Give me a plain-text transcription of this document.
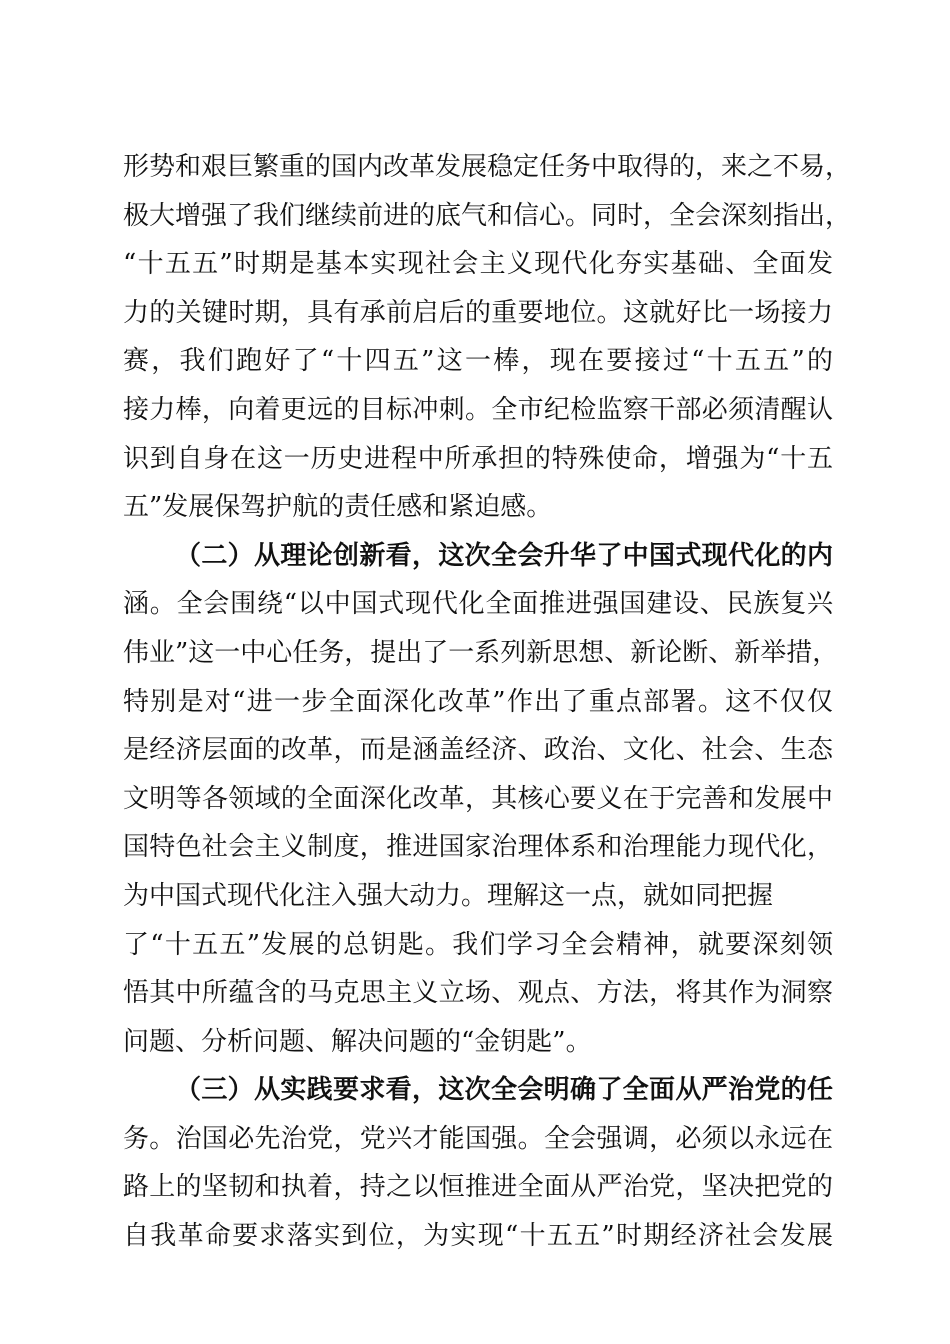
形势和艰巨繁重的国内改革发展稳定任务中取得的，来之不易，
极大增强了我们继续前进的底气和信心。同时，全会深刻指出，
“十五五”时期是基本实现社会主义现代化夯实基础、全面发
力的关键时期，具有承前启后的重要地位。这就好比一场接力
赛，我们跑好了“十四五”这一棒，现在要接过“十五五”的
接力棒，向着更远的目标冲刺。全市纪检监察干部必须清醒认
识到自身在这一历史进程中所承担的特殊使命，增强为“十五
五”发展保驾护航的责任感和紧迫感。
（二）从理论创新看，这次全会升华了中国式现代化的内
涵。全会围绕“以中国式现代化全面推进强国建设、民族复兴
伟业”这一中心任务，提出了一系列新思想、新论断、新举措，
特别是对“进一步全面深化改革”作出了重点部署。这不仅仅
是经济层面的改革，而是涵盖经济、政治、文化、社会、生态
文明等各领域的全面深化改革，其核心要义在于完善和发展中
国特色社会主义制度，推进国家治理体系和治理能力现代化，
为中国式现代化注入强大动力。理解这一点，就如同把握
了“十五五”发展的总钥匙。我们学习全会精神，就要深刻领
悟其中所蕴含的马克思主义立场、观点、方法，将其作为洞察
问题、分析问题、解决问题的“金钥匙”。
（三）从实践要求看，这次全会明确了全面从严治党的任
务。治国必先治党，党兴才能国强。全会强调，必须以永远在
路上的坚韧和执着，持之以恒推进全面从严治党，坚决把党的
自我革命要求落实到位，为实现“十五五”时期经济社会发展
